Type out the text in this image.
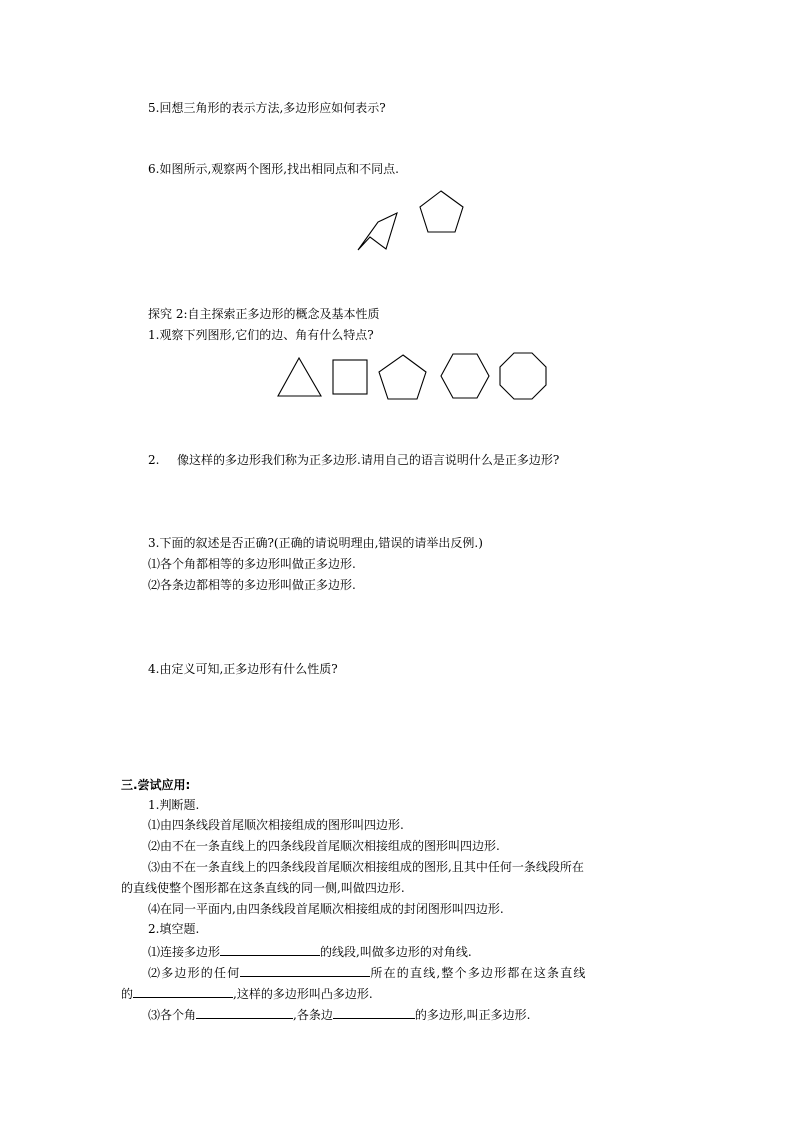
5.回想三角形的表示方法,多边形应如何表示?
6.如图所示,观察两个图形,找出相同点和不同点.
探究 2:自主探索正多边形的概念及基本性质
1.观察下列图形,它们的边、角有什么特点?
2. 像这样的多边形我们称为正多边形.请用自己的语言说明什么是正多边形?
3.下面的叙述是否正确?(正确的请说明理由,错误的请举出反例.)
⑴各个角都相等的多边形叫做正多边形.
⑵各条边都相等的多边形叫做正多边形.
4.由定义可知,正多边形有什么性质?
三.尝试应用:
1.判断题.
⑴由四条线段首尾顺次相接组成的图形叫四边形.
⑵由不在一条直线上的四条线段首尾顺次相接组成的图形叫四边形.
⑶由不在一条直线上的四条线段首尾顺次相接组成的图形,且其中任何一条线段所在
的直线使整个图形都在这条直线的同一侧,叫做四边形.
⑷在同一平面内,由四条线段首尾顺次相接组成的封闭图形叫四边形.
2.填空题.
⑴连接多边形	的线段,叫做多边形的对角线.
⑵多边形的任何	所在的直线,整个多边形都在这条直线
的	,这样的多边形叫凸多边形.
⑶各个角	,各条边	的多边形,叫正多边形.
